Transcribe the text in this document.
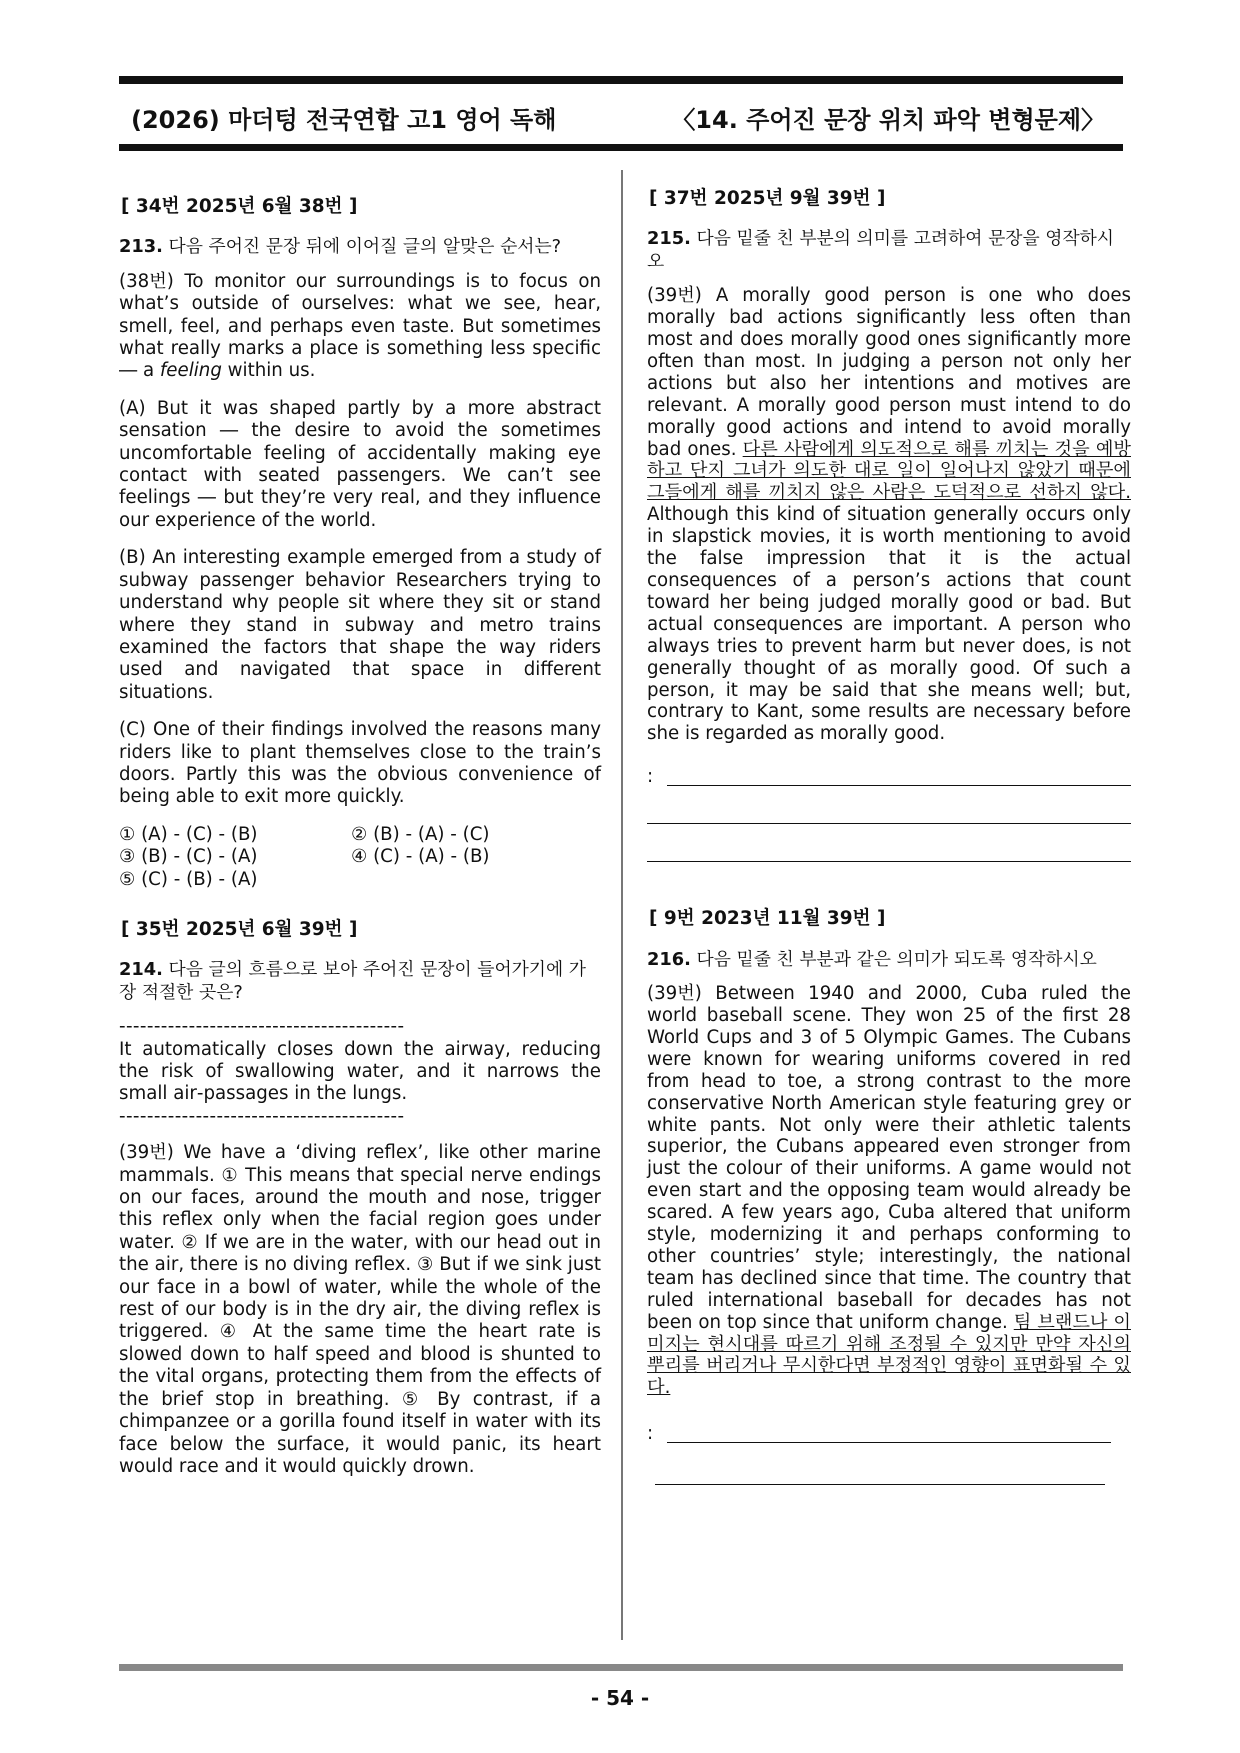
(2026) 마더텅 전국연합 고1 영어 독해	〈14. 주어진 문장 위치 파악 변형문제〉
[ 34번 2025년 6월 38번 ]
213. 다음 주어진 문장 뒤에 이어질 글의 알맞은 순서는?
(38번) To monitor our surroundings is to focus on what’s outside of ourselves: what we see, hear, smell, feel, and perhaps even taste. But sometimes what really marks a place is something less specific ― a feeling within us.
(A) But it was shaped partly by a more abstract sensation ― the desire to avoid the sometimes uncomfortable feeling of accidentally making eye contact with seated passengers. We can’t see feelings ― but they’re very real, and they influence our experience of the world.
(B) An interesting example emerged from a study of subway passenger behavior Researchers trying to understand why people sit where they sit or stand where they stand in subway and metro trains examined the factors that shape the way riders used and navigated that space in different situations.
(C) One of their findings involved the reasons many riders like to plant themselves close to the train’s doors. Partly this was the obvious convenience of being able to exit more quickly.
① (A) - (C) - (B)	② (B) - (A) - (C)
③ (B) - (C) - (A)	④ (C) - (A) - (B)
⑤ (C) - (B) - (A)
[ 35번 2025년 6월 39번 ]
214. 다음 글의 흐름으로 보아 주어진 문장이 들어가기에 가장 적절한 곳은?
-----------------------------------------
It automatically closes down the airway, reducing the risk of swallowing water, and it narrows the small air‐passages in the lungs.
-----------------------------------------
(39번) We have a ‘diving reflex’, like other marine mammals. ① This means that special nerve endings on our faces, around the mouth and nose, trigger this reflex only when the facial region goes under water. ② If we are in the water, with our head out in the air, there is no diving reflex. ③ But if we sink just our face in a bowl of water, while the whole of the rest of our body is in the dry air, the diving reflex is triggered. ④ At the same time the heart rate is slowed down to half speed and blood is shunted to the vital organs, protecting them from the effects of the brief stop in breathing. ⑤ By contrast, if a chimpanzee or a gorilla found itself in water with its face below the surface, it would panic, its heart would race and it would quickly drown.
[ 37번 2025년 9월 39번 ]
215. 다음 밑줄 친 부분의 의미를 고려하여 문장을 영작하시오
(39번) A morally good person is one who does morally bad actions significantly less often than most and does morally good ones significantly more often than most. In judging a person not only her actions but also her intentions and motives are relevant. A morally good person must intend to do morally good actions and intend to avoid morally bad ones. 다른 사람에게 의도적으로 해를 끼치는 것을 예방하고 단지 그녀가 의도한 대로 일이 일어나지 않았기 때문에 그들에게 해를 끼치지 않은 사람은 도덕적으로 선하지 않다. Although this kind of situation generally occurs only in slapstick movies, it is worth mentioning to avoid the false impression that it is the actual consequences of a person’s actions that count toward her being judged morally good or bad. But actual consequences are important. A person who always tries to prevent harm but never does, is not generally thought of as morally good. Of such a person, it may be said that she means well; but, contrary to Kant, some results are necessary before she is regarded as morally good.
:
[ 9번 2023년 11월 39번 ]
216. 다음 밑줄 친 부분과 같은 의미가 되도록 영작하시오
(39번) Between 1940 and 2000, Cuba ruled the world baseball scene. They won 25 of the first 28 World Cups and 3 of 5 Olympic Games. The Cubans were known for wearing uniforms covered in red from head to toe, a strong contrast to the more conservative North American style featuring grey or white pants. Not only were their athletic talents superior, the Cubans appeared even stronger from just the colour of their uniforms. A game would not even start and the opposing team would already be scared. A few years ago, Cuba altered that uniform style, modernizing it and perhaps conforming to other countries’ style; interestingly, the national team has declined since that time. The country that ruled international baseball for decades has not been on top since that uniform change. 팀 브랜드나 이미지는 현시대를 따르기 위해 조정될 수 있지만 만약 자신의 뿌리를 버리거나 무시한다면 부정적인 영향이 표면화될 수 있다.
:
- 54 -
